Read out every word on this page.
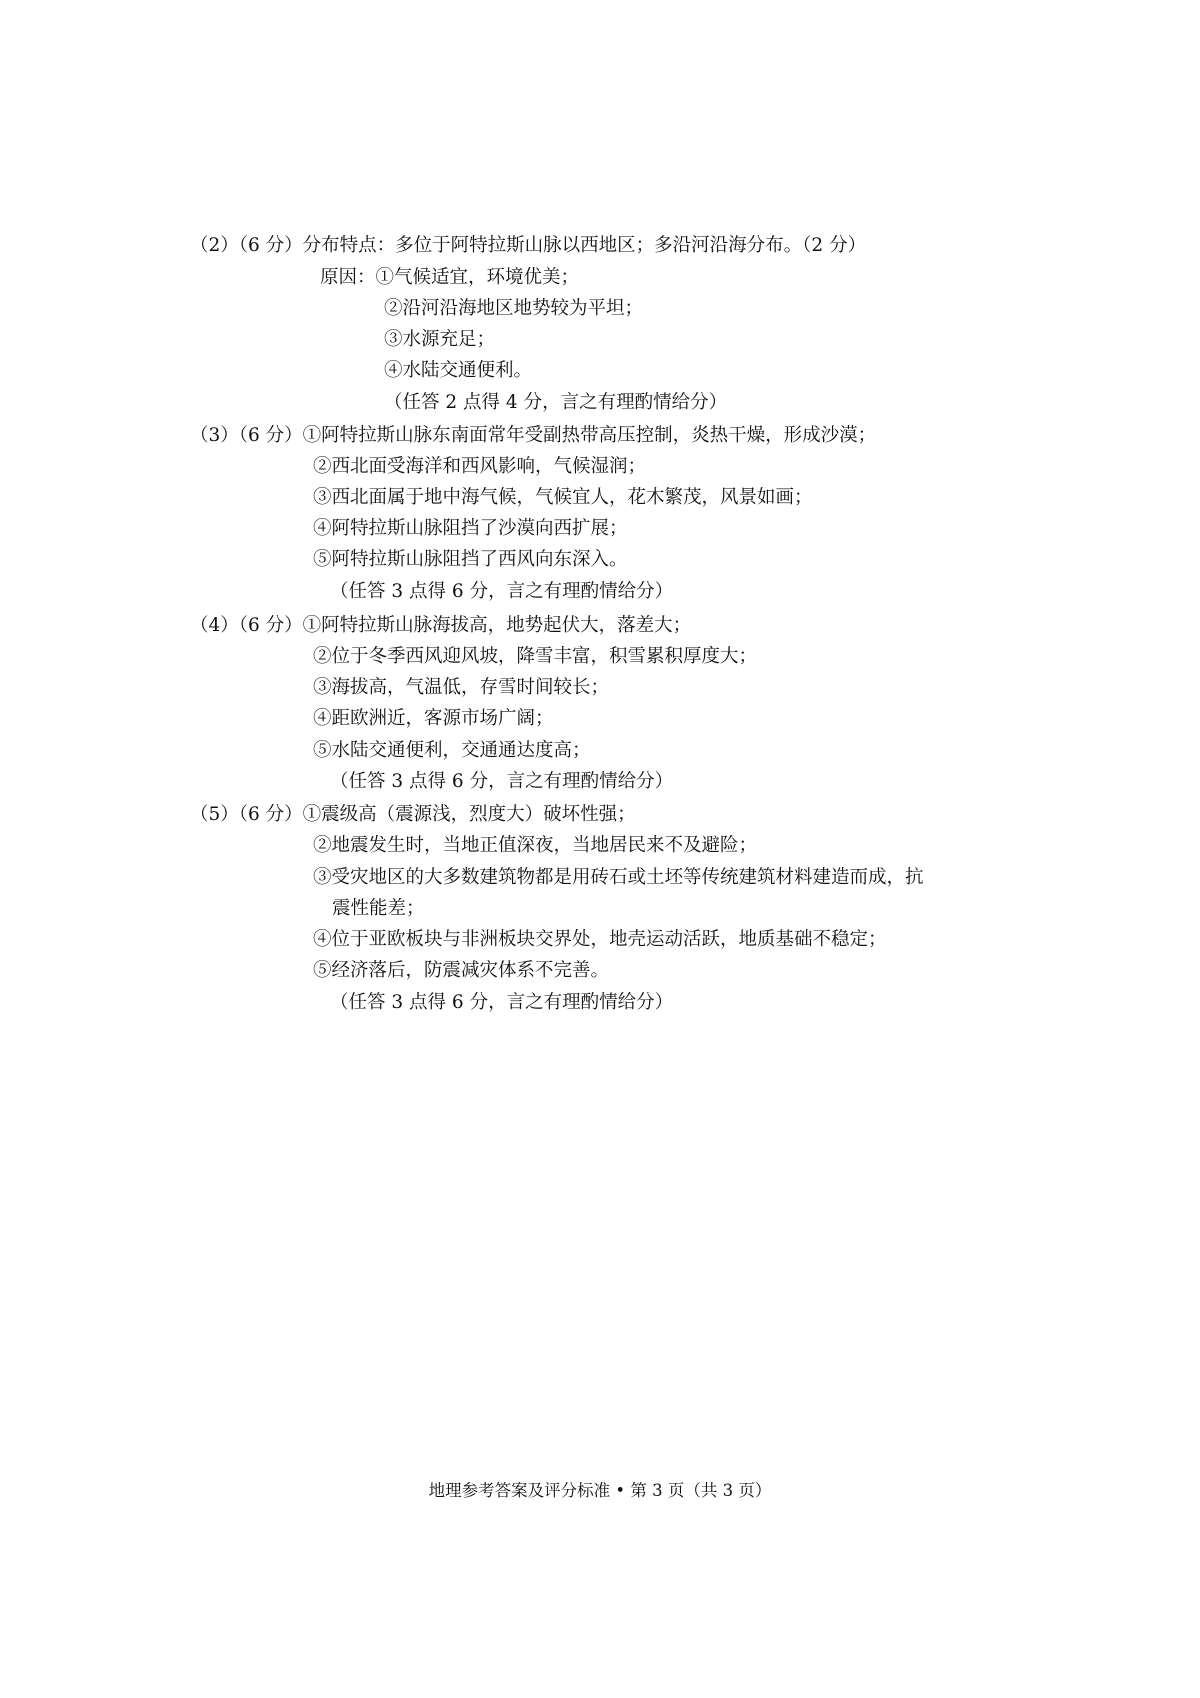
（2）（6 分）分布特点：多位于阿特拉斯山脉以西地区；多沿河沿海分布。（2 分）
原因：①气候适宜，环境优美；
②沿河沿海地区地势较为平坦；
③水源充足；
④水陆交通便利。
（任答 2 点得 4 分，言之有理酌情给分）
（3）（6 分）①阿特拉斯山脉东南面常年受副热带高压控制，炎热干燥，形成沙漠；
②西北面受海洋和西风影响，气候湿润；
③西北面属于地中海气候，气候宜人，花木繁茂，风景如画；
④阿特拉斯山脉阻挡了沙漠向西扩展；
⑤阿特拉斯山脉阻挡了西风向东深入。
（任答 3 点得 6 分，言之有理酌情给分）
（4）（6 分）①阿特拉斯山脉海拔高，地势起伏大，落差大；
②位于冬季西风迎风坡，降雪丰富，积雪累积厚度大；
③海拔高，气温低，存雪时间较长；
④距欧洲近，客源市场广阔；
⑤水陆交通便利，交通通达度高；
（任答 3 点得 6 分，言之有理酌情给分）
（5）（6 分）①震级高（震源浅，烈度大）破坏性强；
②地震发生时，当地正值深夜，当地居民来不及避险；
③受灾地区的大多数建筑物都是用砖石或土坯等传统建筑材料建造而成，抗
震性能差；
④位于亚欧板块与非洲板块交界处，地壳运动活跃，地质基础不稳定；
⑤经济落后，防震减灾体系不完善。
（任答 3 点得 6 分，言之有理酌情给分）
地理参考答案及评分标准 • 第 3 页（共 3 页）
